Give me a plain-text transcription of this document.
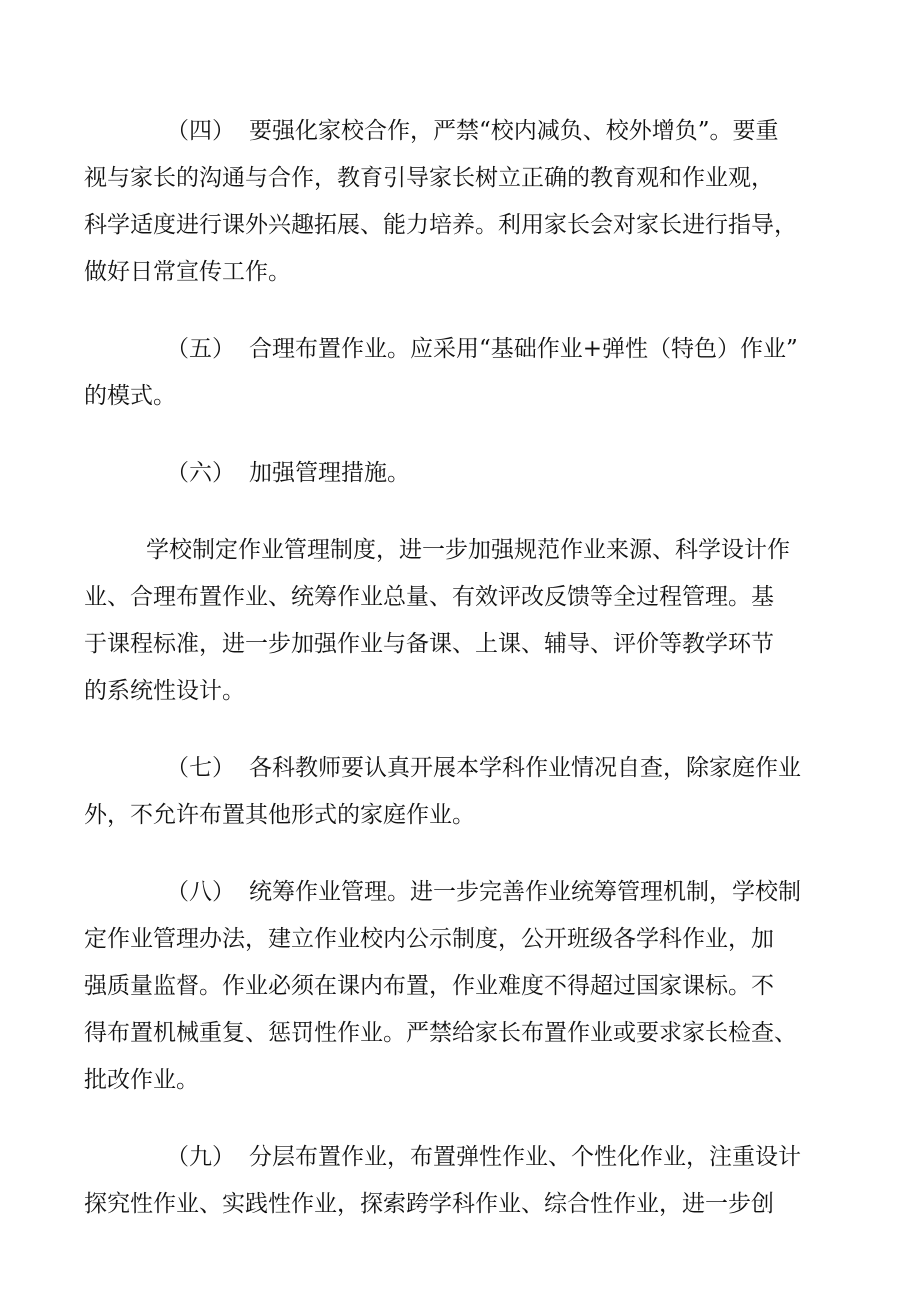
（四） 要强化家校合作，严禁“校内减负、校外增负”。要重
视与家长的沟通与合作，教育引导家长树立正确的教育观和作业观，
科学适度进行课外兴趣拓展、能力培养。利用家长会对家长进行指导，
做好日常宣传工作。

（五） 合理布置作业。应采用“基础作业+弹性（特色）作业”
的模式。

（六） 加强管理措施。

学校制定作业管理制度，进一步加强规范作业来源、科学设计作
业、合理布置作业、统筹作业总量、有效评改反馈等全过程管理。基
于课程标准，进一步加强作业与备课、上课、辅导、评价等教学环节
的系统性设计。

（七） 各科教师要认真开展本学科作业情况自查，除家庭作业
外，不允许布置其他形式的家庭作业。

（八） 统筹作业管理。进一步完善作业统筹管理机制，学校制
定作业管理办法，建立作业校内公示制度，公开班级各学科作业，加
强质量监督。作业必须在课内布置，作业难度不得超过国家课标。不
得布置机械重复、惩罚性作业。严禁给家长布置作业或要求家长检查、
批改作业。

（九） 分层布置作业，布置弹性作业、个性化作业，注重设计
探究性作业、实践性作业，探索跨学科作业、综合性作业，进一步创
